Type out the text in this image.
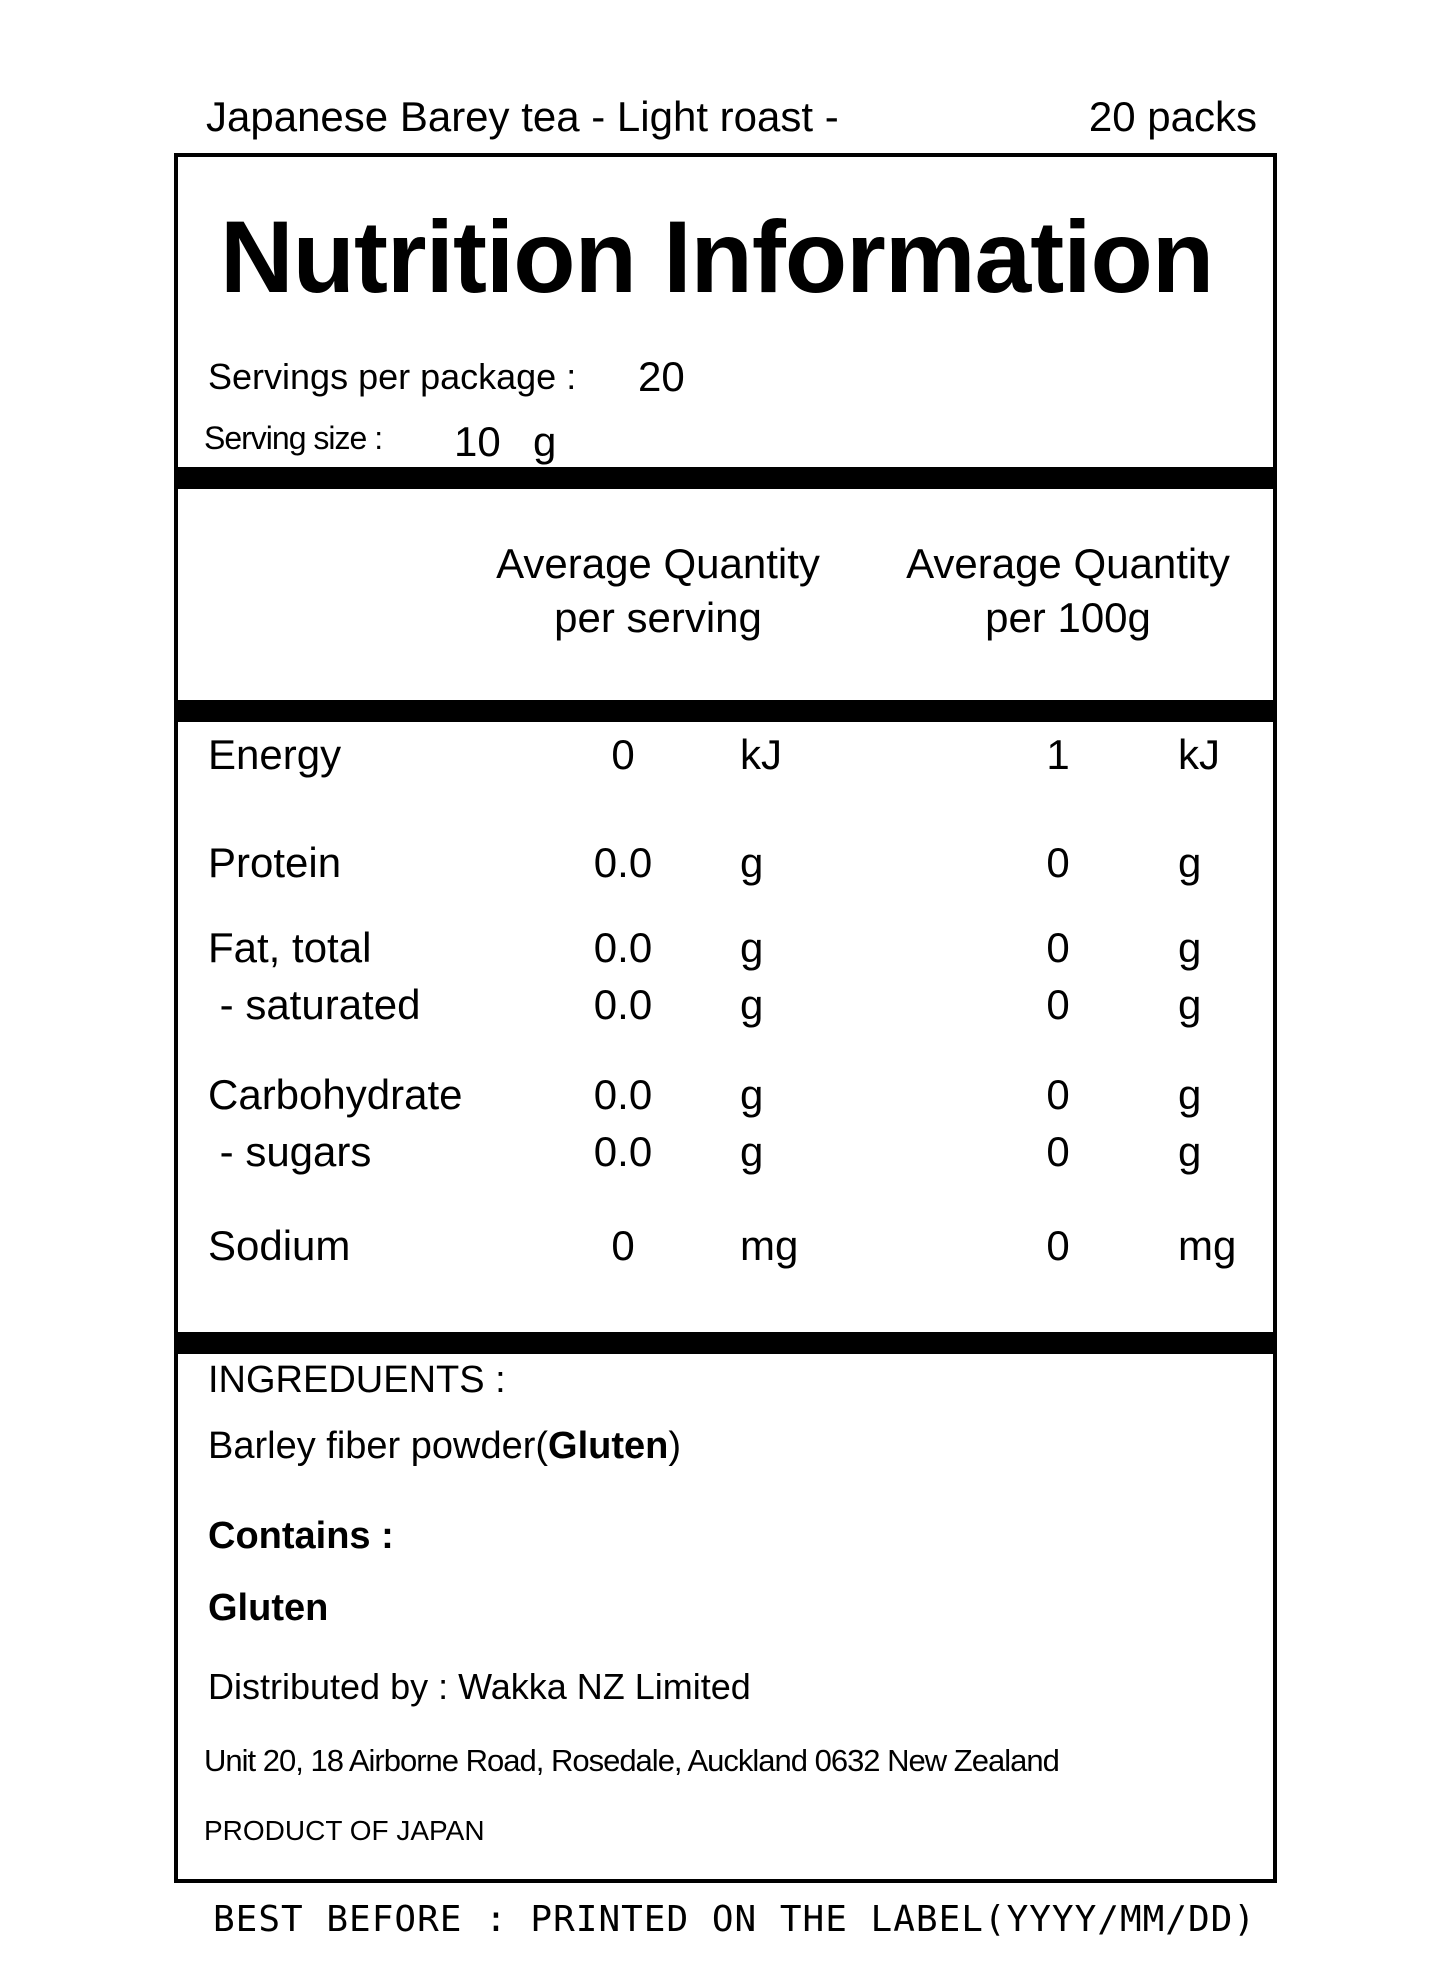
Japanese Barey tea - Light roast -	20 packs
Nutrition Information
Servings per package : 20
Serving size : 10 g
Average Quantity per serving
Average Quantity per 100g
Energy	0	kJ	1	kJ
Protein	0.0	g	0	g
Fat, total	0.0	g	0	g
- saturated	0.0	g	0	g
Carbohydrate	0.0	g	0	g
- sugars	0.0	g	0	g
Sodium	0	mg	0	mg
INGREDUENTS :
Barley fiber powder(Gluten)
Contains :
Gluten
Distributed by : Wakka NZ Limited
Unit 20, 18 Airborne Road, Rosedale, Auckland 0632 New Zealand
PRODUCT OF JAPAN
BEST BEFORE : PRINTED ON THE LABEL(YYYY/MM/DD)
